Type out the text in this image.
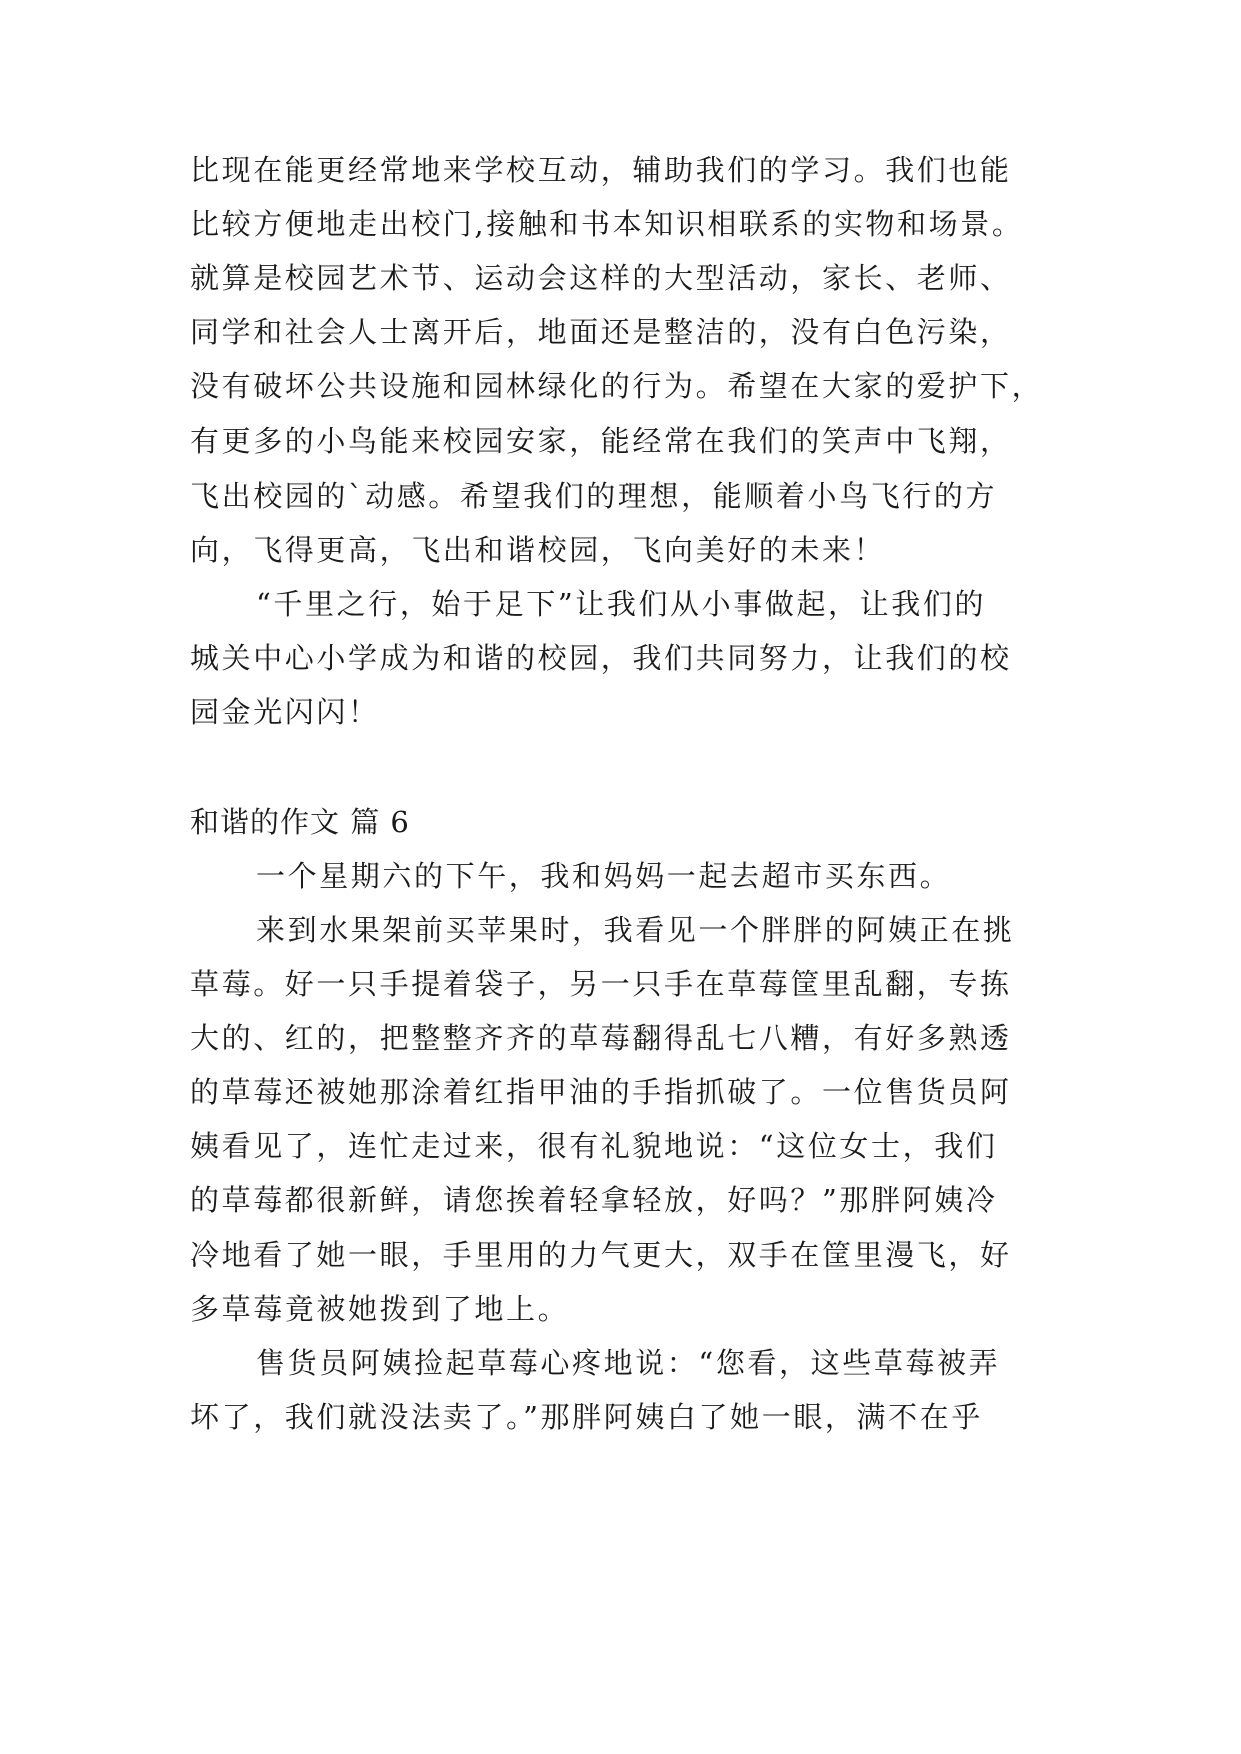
比现在能更经常地来学校互动，辅助我们的学习。我们也能
比较方便地走出校门,接触和书本知识相联系的实物和场景。
就算是校园艺术节、运动会这样的大型活动，家长、老师、
同学和社会人士离开后，地面还是整洁的，没有白色污染，
没有破坏公共设施和园林绿化的行为。希望在大家的爱护下，
有更多的小鸟能来校园安家，能经常在我们的笑声中飞翔，
飞出校园的`动感。希望我们的理想，能顺着小鸟飞行的方
向，飞得更高，飞出和谐校园，飞向美好的未来！
“千里之行，始于足下”让我们从小事做起，让我们的
城关中心小学成为和谐的校园，我们共同努力，让我们的校
园金光闪闪！
和谐的作文 篇 6
一个星期六的下午，我和妈妈一起去超市买东西。
来到水果架前买苹果时，我看见一个胖胖的阿姨正在挑
草莓。好一只手提着袋子，另一只手在草莓筐里乱翻，专拣
大的、红的，把整整齐齐的草莓翻得乱七八糟，有好多熟透
的草莓还被她那涂着红指甲油的手指抓破了。一位售货员阿
姨看见了，连忙走过来，很有礼貌地说：“这位女士，我们
的草莓都很新鲜，请您挨着轻拿轻放，好吗？”那胖阿姨冷
冷地看了她一眼，手里用的力气更大，双手在筐里漫飞，好
多草莓竟被她拨到了地上。
售货员阿姨捡起草莓心疼地说：“您看，这些草莓被弄
坏了，我们就没法卖了。”那胖阿姨白了她一眼，满不在乎
